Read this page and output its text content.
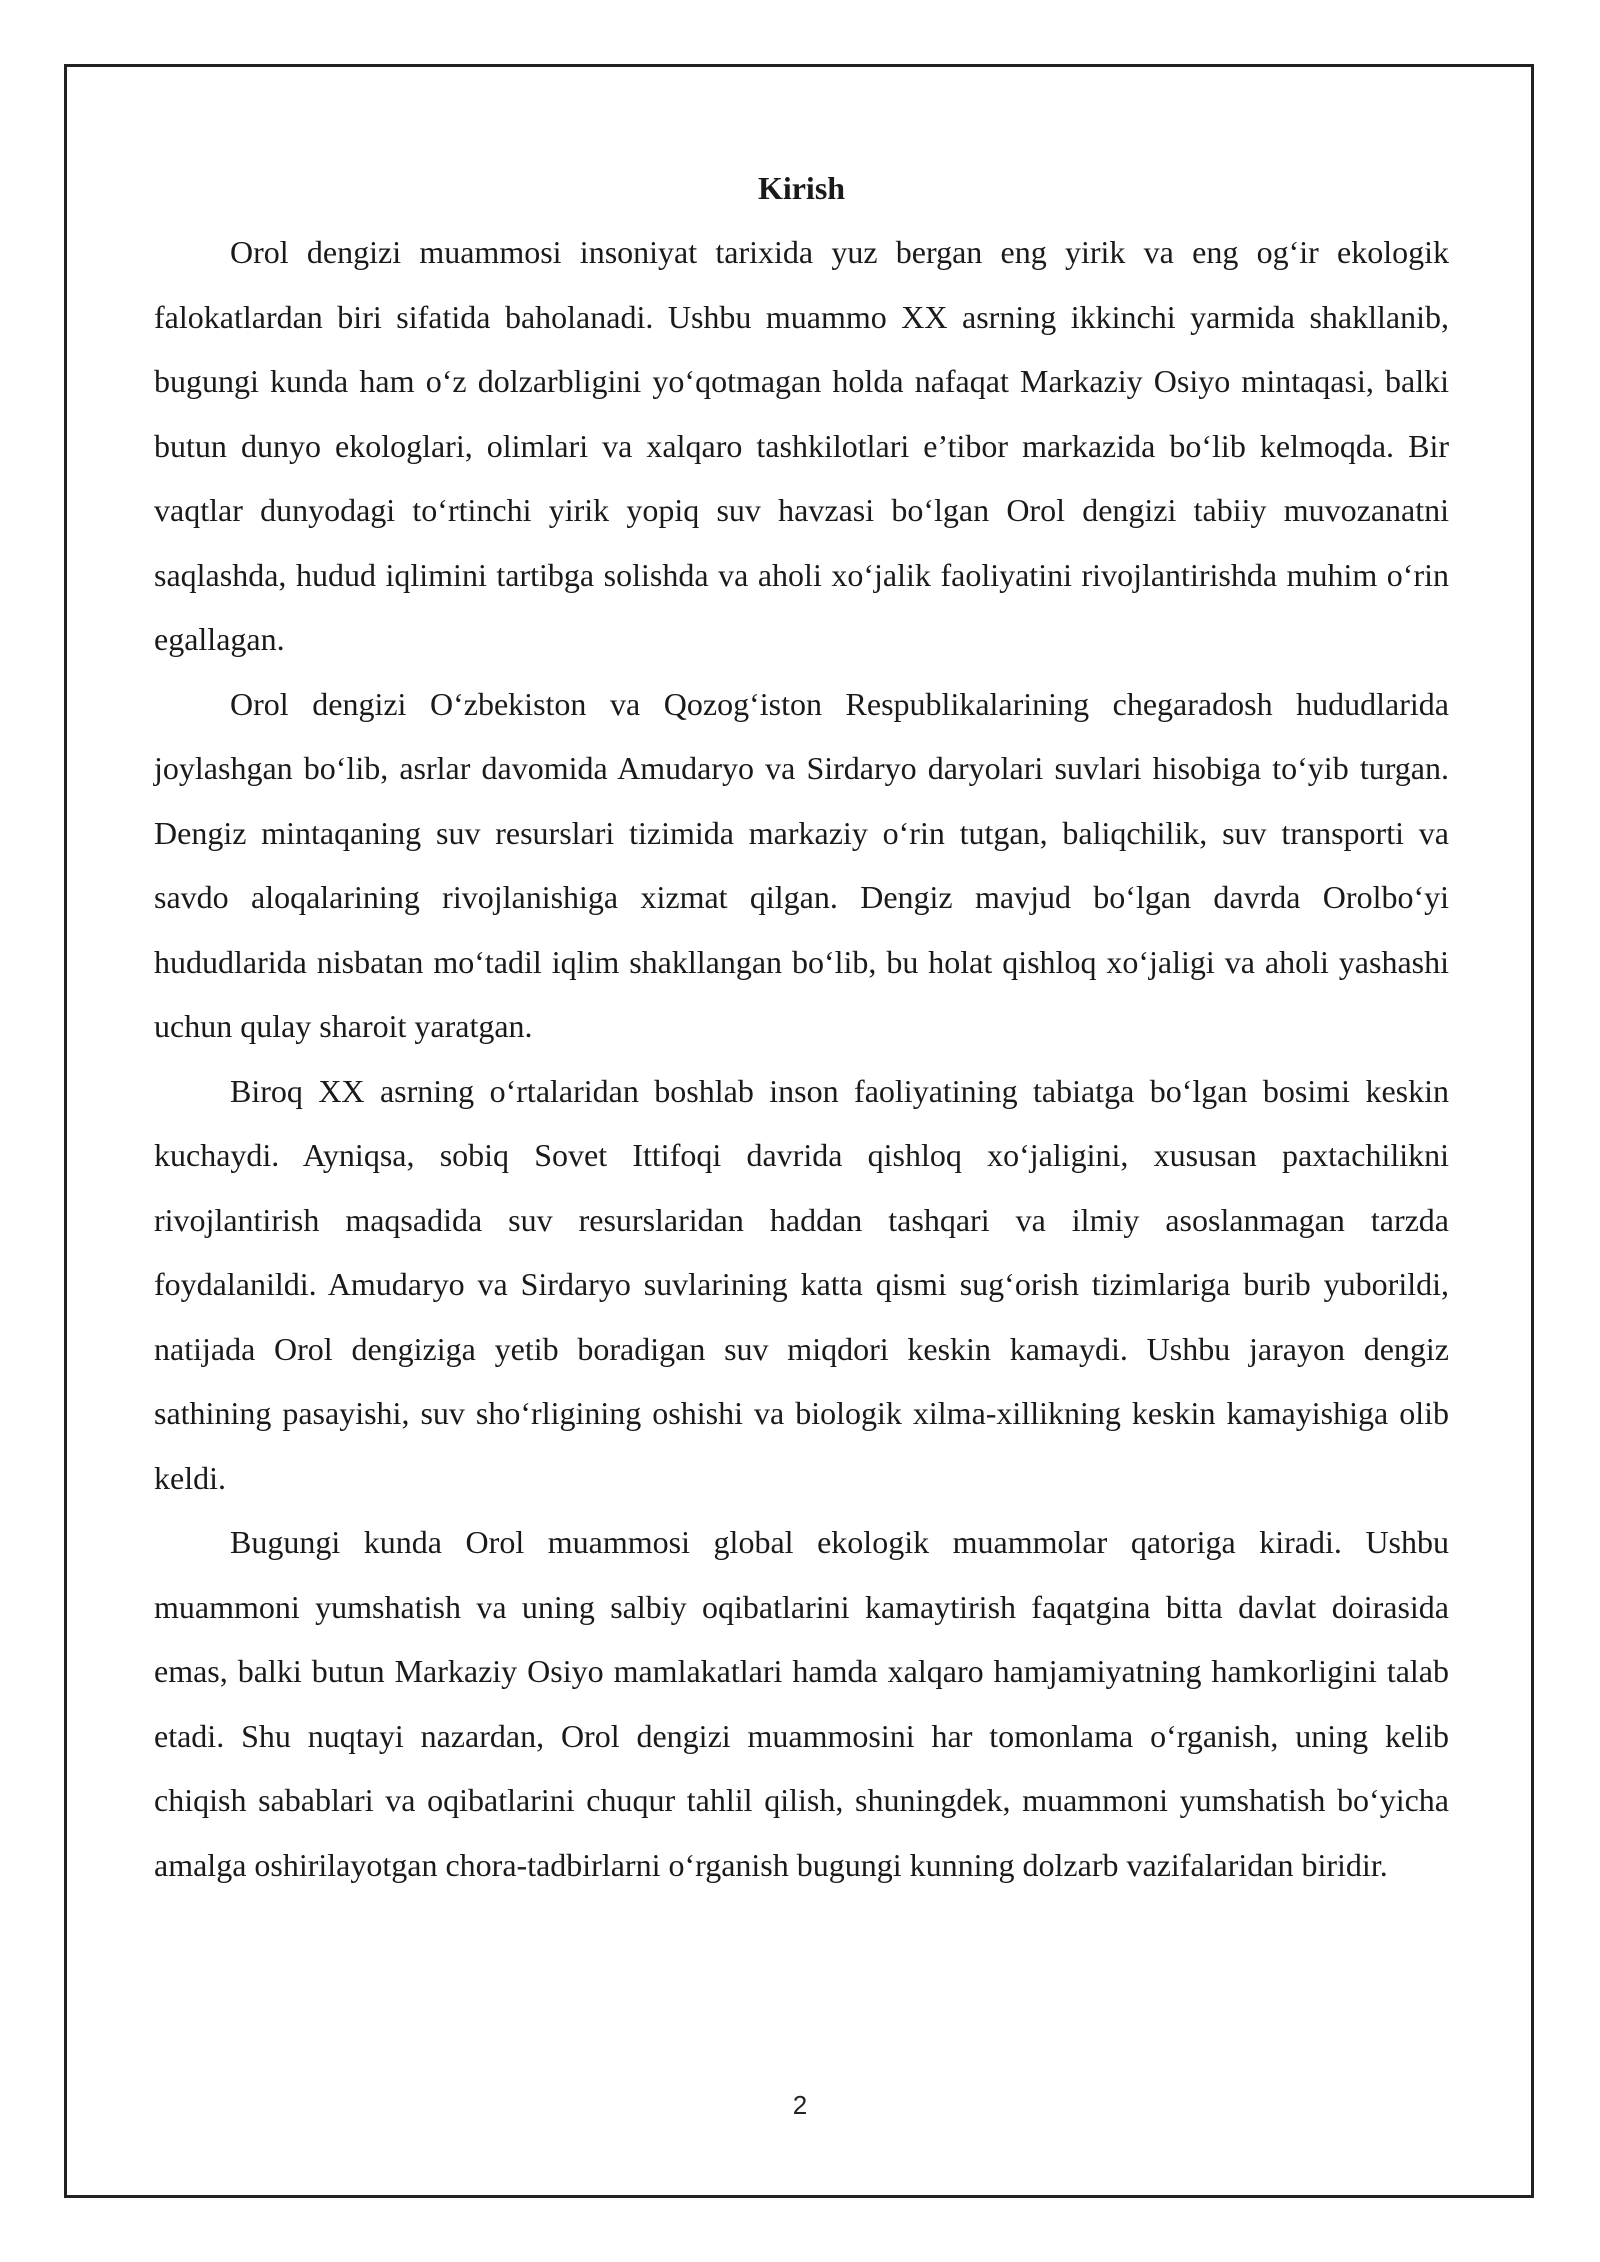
Kirish

Orol dengizi muammosi insoniyat tarixida yuz bergan eng yirik va eng og‘ir ekologik falokatlardan biri sifatida baholanadi. Ushbu muammo XX asrning ikkinchi yarmida shakllanib, bugungi kunda ham o‘z dolzarbligini yo‘qotmagan holda nafaqat Markaziy Osiyo mintaqasi, balki butun dunyo ekologlari, olimlari va xalqaro tashkilotlari e’tibor markazida bo‘lib kelmoqda. Bir vaqtlar dunyodagi to‘rtinchi yirik yopiq suv havzasi bo‘lgan Orol dengizi tabiiy muvozanatni saqlashda, hudud iqlimini tartibga solishda va aholi xo‘jalik faoliyatini rivojlantirishda muhim o‘rin egallagan.

Orol dengizi O‘zbekiston va Qozog‘iston Respublikalarining chegaradosh hududlarida joylashgan bo‘lib, asrlar davomida Amudaryo va Sirdaryo daryolari suvlari hisobiga to‘yib turgan. Dengiz mintaqaning suv resurslari tizimida markaziy o‘rin tutgan, baliqchilik, suv transporti va savdo aloqalarining rivojlanishiga xizmat qilgan. Dengiz mavjud bo‘lgan davrda Orolbo‘yi hududlarida nisbatan mo‘tadil iqlim shakllangan bo‘lib, bu holat qishloq xo‘jaligi va aholi yashashi uchun qulay sharoit yaratgan.

Biroq XX asrning o‘rtalaridan boshlab inson faoliyatining tabiatga bo‘lgan bosimi keskin kuchaydi. Ayniqsa, sobiq Sovet Ittifoqi davrida qishloq xo‘jaligini, xususan paxtachilikni rivojlantirish maqsadida suv resurslaridan haddan tashqari va ilmiy asoslanmagan tarzda foydalanildi. Amudaryo va Sirdaryo suvlarining katta qismi sug‘orish tizimlariga burib yuborildi, natijada Orol dengiziga yetib boradigan suv miqdori keskin kamaydi. Ushbu jarayon dengiz sathining pasayishi, suv sho‘rligining oshishi va biologik xilma-xillikning keskin kamayishiga olib keldi.

Bugungi kunda Orol muammosi global ekologik muammolar qatoriga kiradi. Ushbu muammoni yumshatish va uning salbiy oqibatlarini kamaytirish faqatgina bitta davlat doirasida emas, balki butun Markaziy Osiyo mamlakatlari hamda xalqaro hamjamiyatning hamkorligini talab etadi. Shu nuqtayi nazardan, Orol dengizi muammosini har tomonlama o‘rganish, uning kelib chiqish sabablari va oqibatlarini chuqur tahlil qilish, shuningdek, muammoni yumshatish bo‘yicha amalga oshirilayotgan chora-tadbirlarni o‘rganish bugungi kunning dolzarb vazifalaridan biridir.

2
